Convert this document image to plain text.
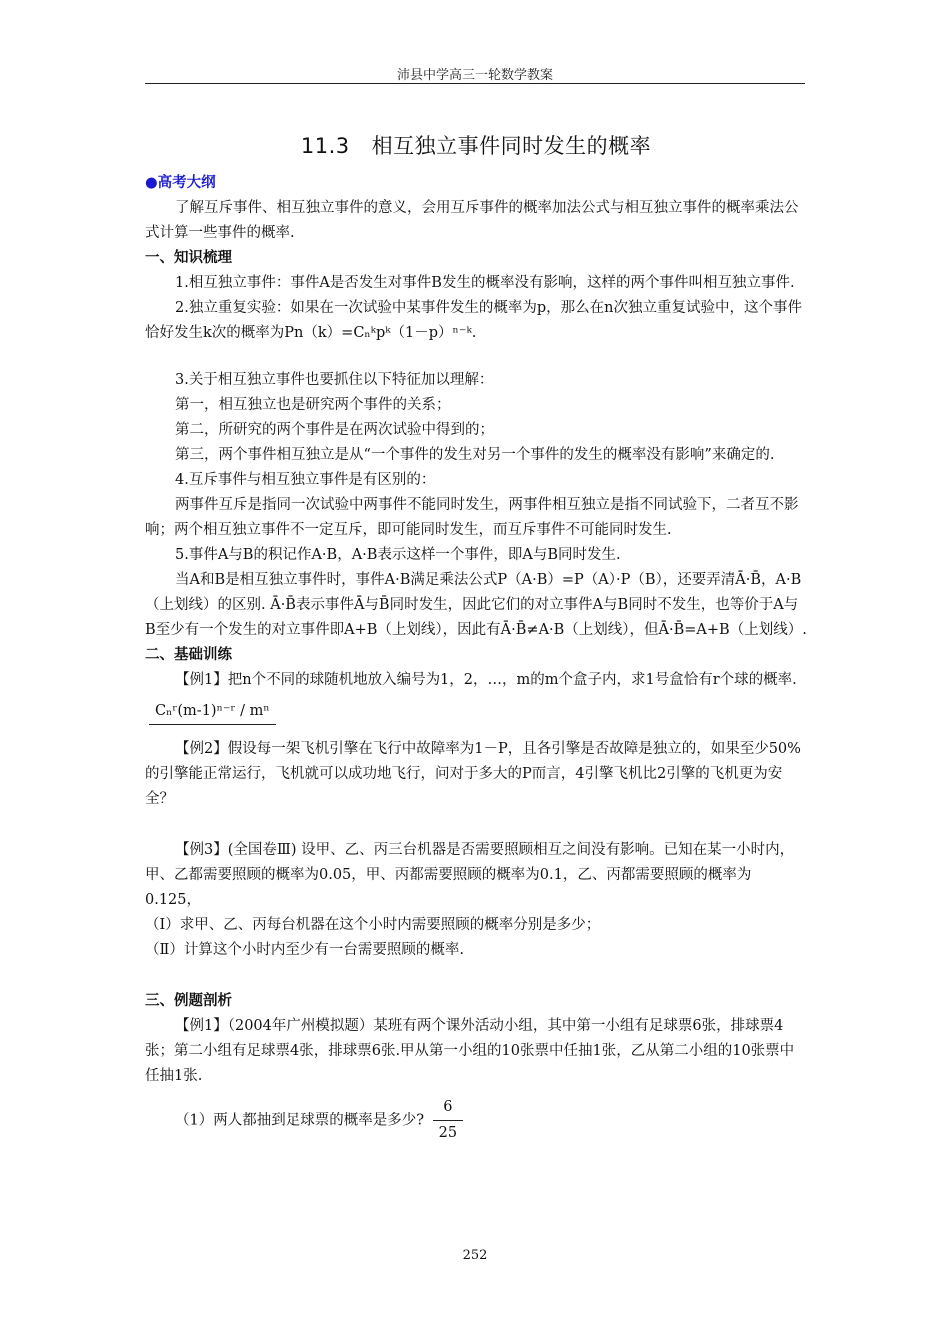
沛县中学高三一轮数学教案
11.3 相互独立事件同时发生的概率

●高考大纲

了解互斥事件、相互独立事件的意义，会用互斥事件的概率加法公式与相互独立事件的概率乘法公式计算一些事件的概率.

一、知识梳理

1.相互独立事件：事件A是否发生对事件B发生的概率没有影响，这样的两个事件叫相互独立事件.

2.独立重复实验：如果在一次试验中某事件发生的概率为p，那么在n次独立重复试验中，这个事件恰好发生k次的概率为Pn（k）=Cₙᵏpᵏ（1－p）ⁿ⁻ᵏ.

3.关于相互独立事件也要抓住以下特征加以理解：

第一，相互独立也是研究两个事件的关系；

第二，所研究的两个事件是在两次试验中得到的；

第三，两个事件相互独立是从“一个事件的发生对另一个事件的发生的概率没有影响”来确定的.

4.互斥事件与相互独立事件是有区别的：

两事件互斥是指同一次试验中两事件不能同时发生，两事件相互独立是指不同试验下，二者互不影响；两个相互独立事件不一定互斥，即可能同时发生，而互斥事件不可能同时发生.

5.事件A与B的积记作A·B，A·B表示这样一个事件，即A与B同时发生.

当A和B是相互独立事件时，事件A·B满足乘法公式P（A·B）=P（A）·P（B），还要弄清Ā·B̄，A·B（上划线）的区别. Ā·B̄表示事件Ā与B̄同时发生，因此它们的对立事件A与B同时不发生，也等价于A与B至少有一个发生的对立事件即A+B（上划线），因此有Ā·B̄≠A·B（上划线），但Ā·B̄=A+B（上划线）.

二、基础训练

【例1】把n个不同的球随机地放入编号为1，2，…，m的m个盒子内，求1号盒恰有r个球的概率.

Cₙʳ(m-1)ⁿ⁻ʳ / mⁿ

【例2】假设每一架飞机引擎在飞行中故障率为1－P，且各引擎是否故障是独立的，如果至少50%的引擎能正常运行，飞机就可以成功地飞行，问对于多大的P而言，4引擎飞机比2引擎的飞机更为安全？

【例3】(全国卷Ⅲ) 设甲、乙、丙三台机器是否需要照顾相互之间没有影响。已知在某一小时内，甲、乙都需要照顾的概率为0.05，甲、丙都需要照顾的概率为0.1，乙、丙都需要照顾的概率为0.125，

（Ⅰ）求甲、乙、丙每台机器在这个小时内需要照顾的概率分别是多少；

（Ⅱ）计算这个小时内至少有一台需要照顾的概率.

三、例题剖析

【例1】（2004年广州模拟题）某班有两个课外活动小组，其中第一小组有足球票6张，排球票4张；第二小组有足球票4张，排球票6张.甲从第一小组的10张票中任抽1张，乙从第二小组的10张票中任抽1张.

（1）两人都抽到足球票的概率是多少? $\frac{6}{25}$

252
